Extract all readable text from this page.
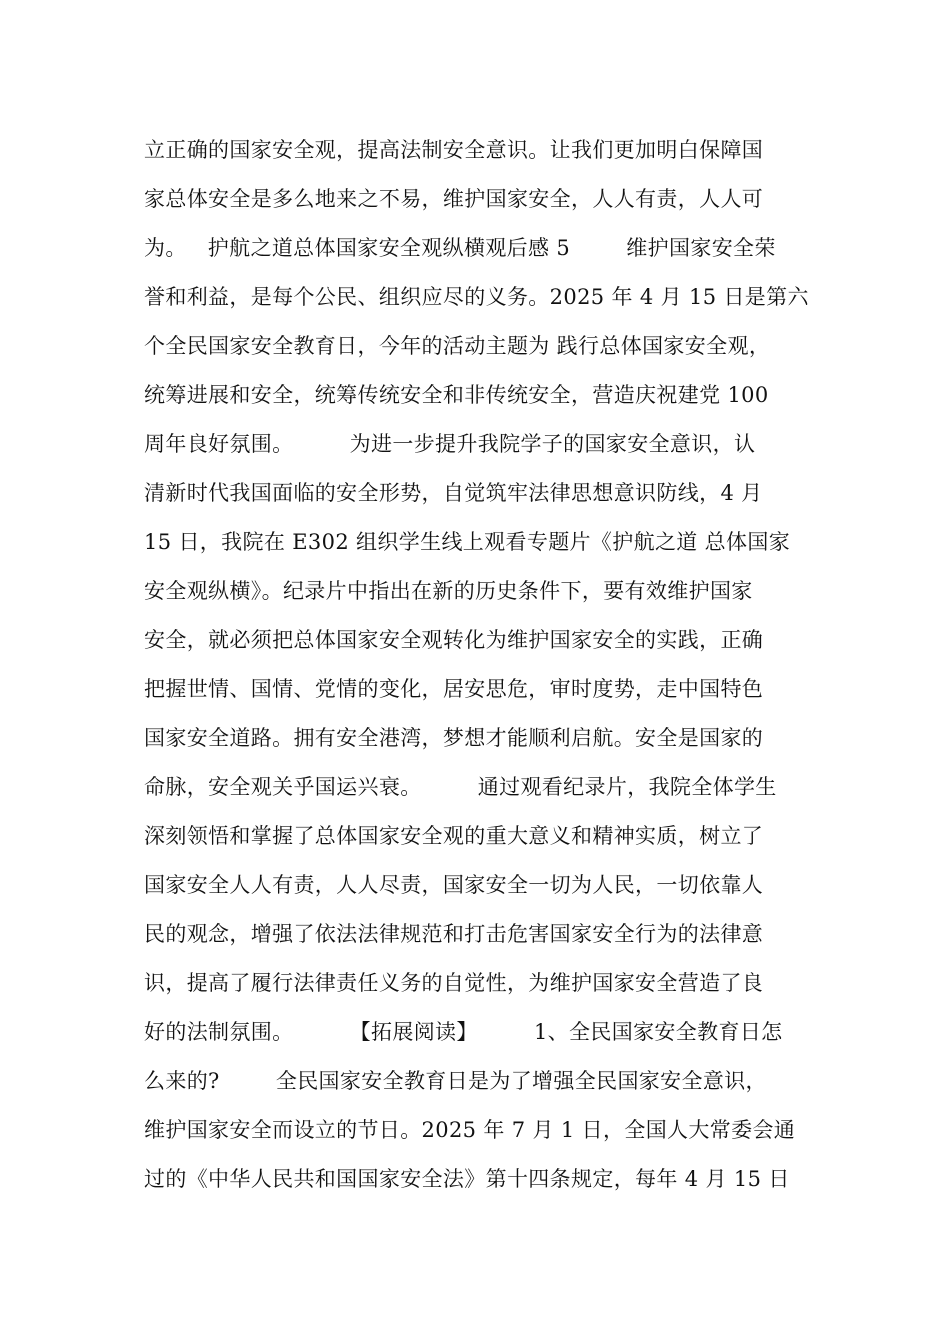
立正确的国家安全观，提高法制安全意识。让我们更加明白保障国
家总体安全是多么地来之不易，维护国家安全，人人有责，人人可
为。   护航之道总体国家安全观纵横观后感 5        维护国家安全荣
誉和利益，是每个公民、组织应尽的义务。2025 年 4 月 15 日是第六
个全民国家安全教育日，今年的活动主题为 践行总体国家安全观，
统筹进展和安全，统筹传统安全和非传统安全，营造庆祝建党 100
周年良好氛围。        为进一步提升我院学子的国家安全意识，认
清新时代我国面临的安全形势，自觉筑牢法律思想意识防线，4 月
15 日，我院在 E302 组织学生线上观看专题片《护航之道 总体国家
安全观纵横》。纪录片中指出在新的历史条件下，要有效维护国家
安全，就必须把总体国家安全观转化为维护国家安全的实践，正确
把握世情、国情、党情的变化，居安思危，审时度势，走中国特色
国家安全道路。拥有安全港湾，梦想才能顺利启航。安全是国家的
命脉，安全观关乎国运兴衰。        通过观看纪录片，我院全体学生
深刻领悟和掌握了总体国家安全观的重大意义和精神实质，树立了
国家安全人人有责，人人尽责，国家安全一切为人民，一切依靠人
民的观念，增强了依法法律规范和打击危害国家安全行为的法律意
识，提高了履行法律责任义务的自觉性，为维护国家安全营造了良
好的法制氛围。        【拓展阅读】        1、全民国家安全教育日怎
么来的?        全民国家安全教育日是为了增强全民国家安全意识，
维护国家安全而设立的节日。2025 年 7 月 1 日，全国人大常委会通
过的《中华人民共和国国家安全法》第十四条规定，每年 4 月 15 日
